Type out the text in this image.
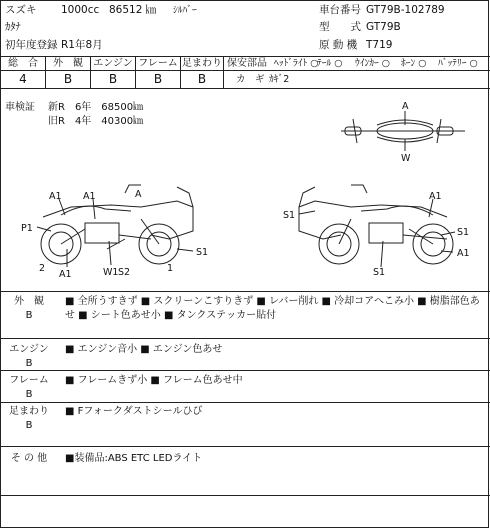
スズキ 1000cc 86512 ㎞ ｼﾙﾊﾞｰ
ｶﾀﾅ
初年度登録 R1年8月
車台番号 GT79B-102789
型　　式 GT79B
原 動 機 T719
総　合	外　観	エンジン フレーム 足まわり
4	B	B	B	B
保安部品 ﾍｯﾄﾞﾗｲﾄ ○
ﾃｰﾙ ○ ｳｲﾝｶｰ ○ ﾎｰﾝ ○ ﾊﾞｯﾃﾘｰ ○
カ　ギ ｶｷﾞ2
車検証 新R　6年　68500㎞
旧R　4年　40300㎞
A
W
A1 A1	A
P1
S1
2
A1	W1 S2	1
S1
A1
S1
S1
A1
外　観
B
■ 全所うすきず ■ スクリーンこすりきず ■ レバー削れ ■ 冷却コアへこみ小 ■ 樹脂部色あせ ■ シート色あせ小 ■ タンクステッカー貼付
エンジン
B
■ エンジン音小 ■ エンジン色あせ
フレーム
B
■ フレームきず小 ■ フレーム色あせ中
足まわり
B
■ Fフォークダストシールひび
そ の 他	■装備品:ABS ETC LEDライト
